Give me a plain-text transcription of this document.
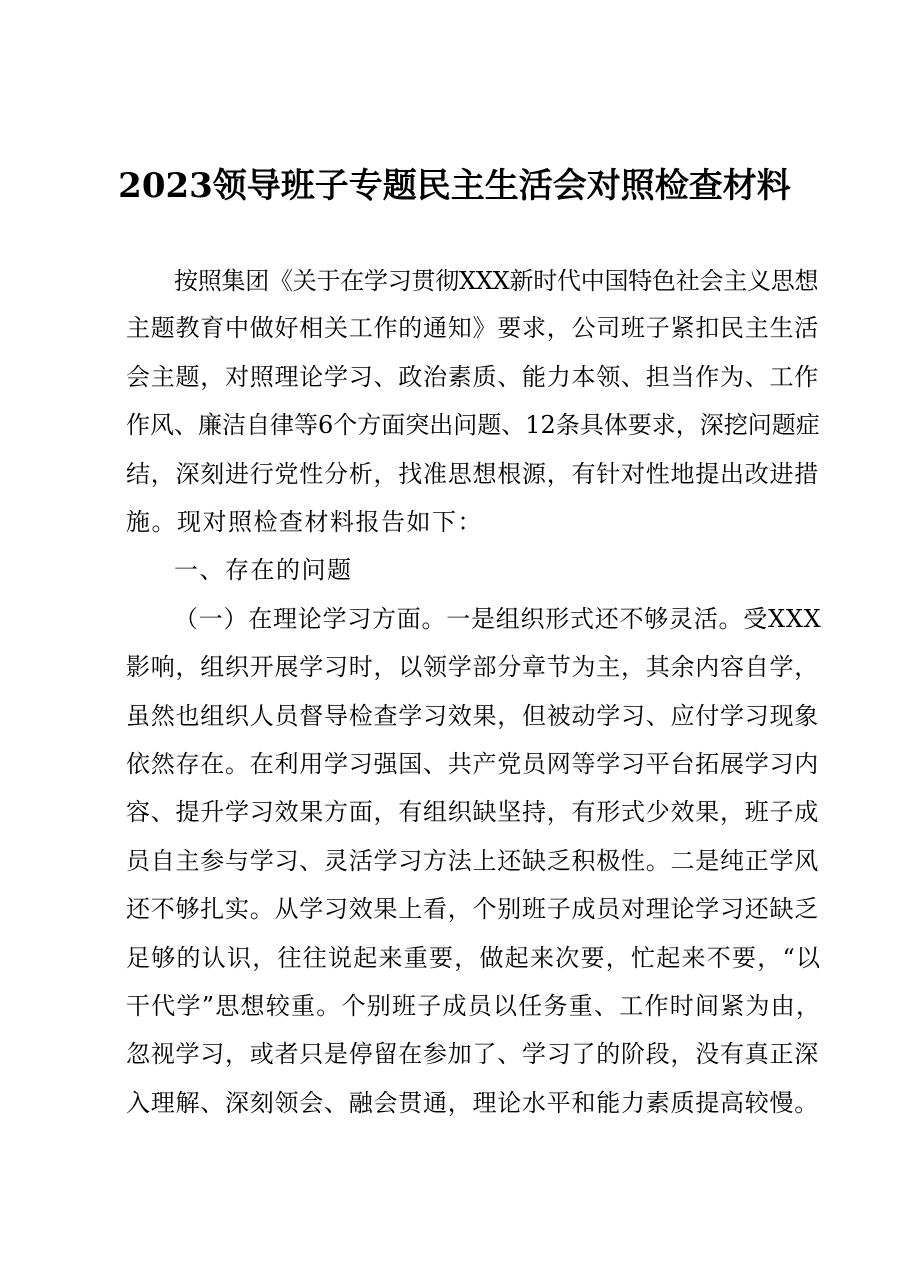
2023领导班子专题民主生活会对照检查材料
按照集团《关于在学习贯彻XXX新时代中国特色社会主义思想
主题教育中做好相关工作的通知》要求，公司班子紧扣民主生活
会主题，对照理论学习、政治素质、能力本领、担当作为、工作
作风、廉洁自律等6个方面突出问题、12条具体要求，深挖问题症
结，深刻进行党性分析，找准思想根源，有针对性地提出改进措
施。现对照检查材料报告如下：
一、存在的问题
（一）在理论学习方面。一是组织形式还不够灵活。受XXX
影响，组织开展学习时，以领学部分章节为主，其余内容自学，
虽然也组织人员督导检查学习效果，但被动学习、应付学习现象
依然存在。在利用学习强国、共产党员网等学习平台拓展学习内
容、提升学习效果方面，有组织缺坚持，有形式少效果，班子成
员自主参与学习、灵活学习方法上还缺乏积极性。二是纯正学风
还不够扎实。从学习效果上看，个别班子成员对理论学习还缺乏
足够的认识，往往说起来重要，做起来次要，忙起来不要，“以
干代学”思想较重。个别班子成员以任务重、工作时间紧为由，
忽视学习，或者只是停留在参加了、学习了的阶段，没有真正深
入理解、深刻领会、融会贯通，理论水平和能力素质提高较慢。
